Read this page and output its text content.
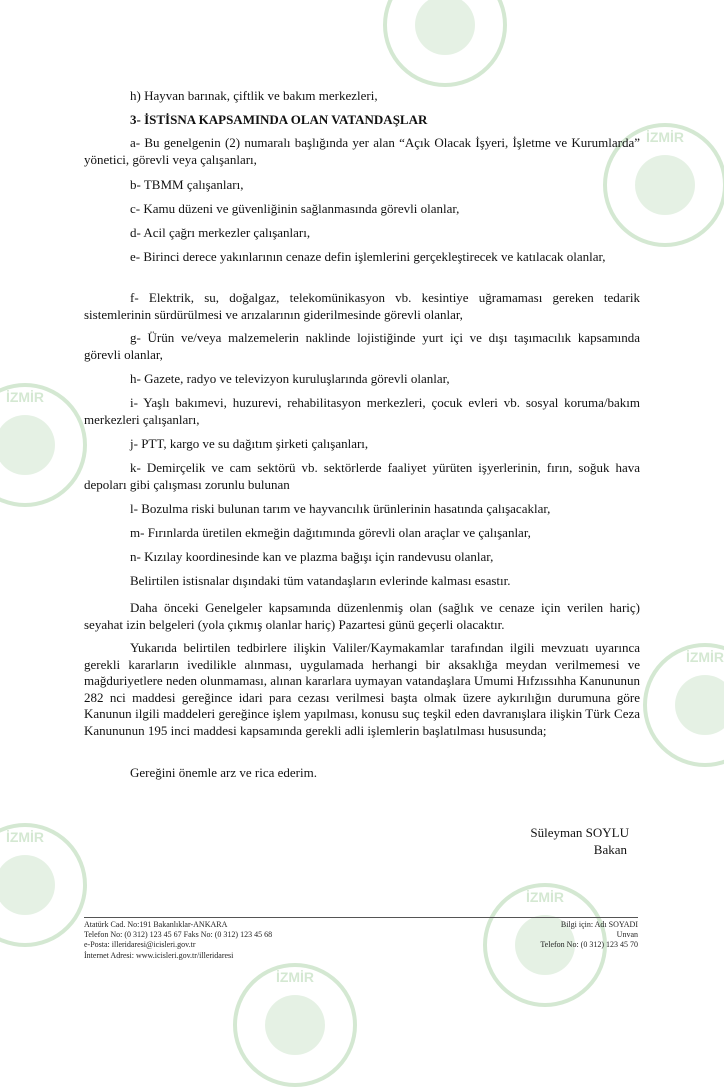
İZMİR
İZMİR
İZMİR
İZMİR
İZMİR
İZMİR

h) Hayvan barınak, çiftlik ve bakım merkezleri,

3- İSTİSNA KAPSAMINDA OLAN VATANDAŞLAR

a- Bu genelgenin (2) numaralı başlığında yer alan “Açık Olacak İşyeri, İşletme ve Kurumlarda” yönetici, görevli veya çalışanları,

b- TBMM çalışanları,

c- Kamu düzeni ve güvenliğinin sağlanmasında görevli olanlar,

d- Acil çağrı merkezler çalışanları,

e- Birinci derece yakınlarının cenaze defin işlemlerini gerçekleştirecek ve katılacak olanlar,

f- Elektrik, su, doğalgaz, telekomünikasyon vb. kesintiye uğramaması gereken tedarik sistemlerinin sürdürülmesi ve arızalarının giderilmesinde görevli olanlar,

g- Ürün ve/veya malzemelerin naklinde lojistiğinde yurt içi ve dışı taşımacılık kapsamında görevli olanlar,

h- Gazete, radyo ve televizyon kuruluşlarında görevli olanlar,

i- Yaşlı bakımevi, huzurevi, rehabilitasyon merkezleri, çocuk evleri vb. sosyal koruma/bakım merkezleri çalışanları,

j- PTT, kargo ve su dağıtım şirketi çalışanları,

k- Demirçelik ve cam sektörü vb. sektörlerde faaliyet yürüten işyerlerinin, fırın, soğuk hava depoları gibi çalışması zorunlu bulunan

l- Bozulma riski bulunan tarım ve hayvancılık ürünlerinin hasatında çalışacaklar,

m- Fırınlarda üretilen ekmeğin dağıtımında görevli olan araçlar ve çalışanlar,

n- Kızılay koordinesinde kan ve plazma bağışı için randevusu olanlar,

Belirtilen istisnalar dışındaki tüm vatandaşların evlerinde kalması esastır.

Daha önceki Genelgeler kapsamında düzenlenmiş olan (sağlık ve cenaze için verilen hariç) seyahat izin belgeleri (yola çıkmış olanlar hariç) Pazartesi günü geçerli olacaktır.

Yukarıda belirtilen tedbirlere ilişkin Valiler/Kaymakamlar tarafından ilgili mevzuatı uyarınca gerekli kararların ivedilikle alınması, uygulamada herhangi bir aksaklığa meydan verilmemesi ve mağduriyetlere neden olunmaması, alınan kararlara uymayan vatandaşlara Umumi Hıfzıssıhha Kanununun 282 nci maddesi gereğince idari para cezası verilmesi başta olmak üzere aykırılığın durumuna göre Kanunun ilgili maddeleri gereğince işlem yapılması, konusu suç teşkil eden davranışlara ilişkin Türk Ceza Kanununun 195 inci maddesi kapsamında gerekli adli işlemlerin başlatılması hususunda;

Gereğini önemle arz ve rica ederim.

Süleyman SOYLU
Bakan
Atatürk Cad. No:191 Bakanlıklar-ANKARA
Telefon No: (0 312) 123 45 67 Faks No: (0 312) 123 45 68
e-Posta: illeridaresi@icisleri.gov.tr
İnternet Adresi: www.icisleri.gov.tr/illeridaresi
Bilgi için: Adı SOYADI
Unvan
Telefon No: (0 312) 123 45 70
